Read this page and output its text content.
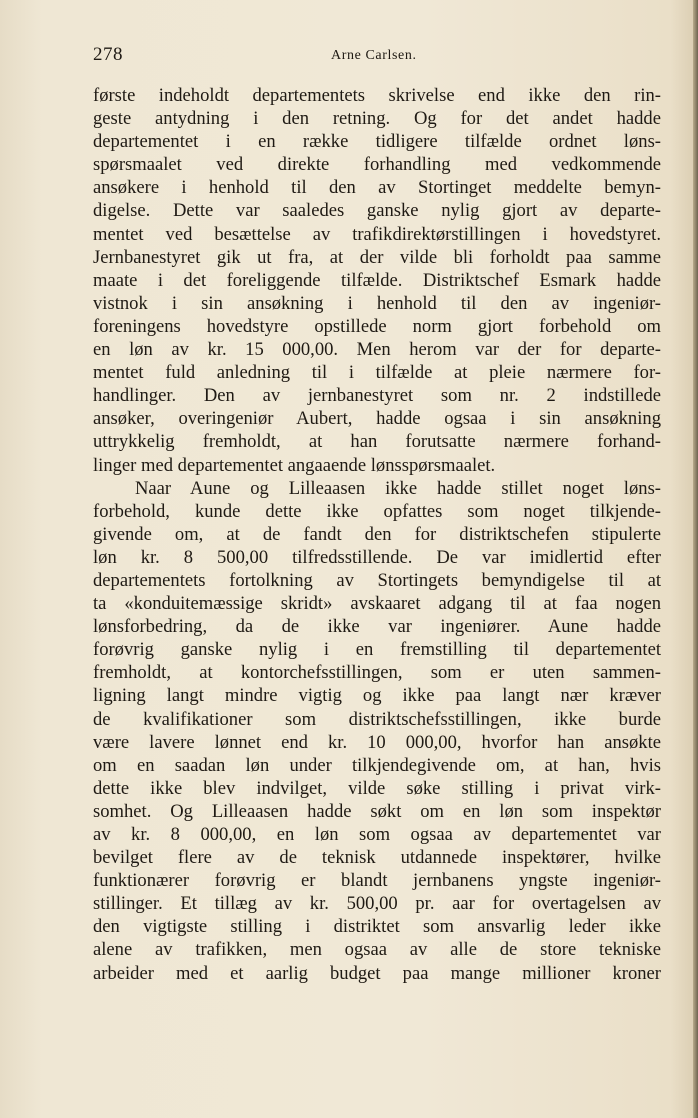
278	Arne Carlsen.
første indeholdt departementets skrivelse end ikke den rin-
geste antydning i den retning. Og for det andet hadde
departementet i en række tidligere tilfælde ordnet løns-
spørsmaalet ved direkte forhandling med vedkommende
ansøkere i henhold til den av Stortinget meddelte bemyn-
digelse. Dette var saaledes ganske nylig gjort av departe-
mentet ved besættelse av trafikdirektørstillingen i hovedstyret.
Jernbanestyret gik ut fra, at der vilde bli forholdt paa samme
maate i det foreliggende tilfælde. Distriktschef Esmark hadde
vistnok i sin ansøkning i henhold til den av ingeniør-
foreningens hovedstyre opstillede norm gjort forbehold om
en løn av kr. 15 000,00. Men herom var der for departe-
mentet fuld anledning til i tilfælde at pleie nærmere for-
handlinger. Den av jernbanestyret som nr. 2 indstillede
ansøker, overingeniør Aubert, hadde ogsaa i sin ansøkning
uttrykkelig fremholdt, at han forutsatte nærmere forhand-
linger med departementet angaaende lønsspørsmaalet.
Naar Aune og Lilleaasen ikke hadde stillet noget løns-
forbehold, kunde dette ikke opfattes som noget tilkjende-
givende om, at de fandt den for distriktschefen stipulerte
løn kr. 8 500,00 tilfredsstillende. De var imidlertid efter
departementets fortolkning av Stortingets bemyndigelse til at
ta «konduitemæssige skridt» avskaaret adgang til at faa nogen
lønsforbedring, da de ikke var ingeniører. Aune hadde
forøvrig ganske nylig i en fremstilling til departementet
fremholdt, at kontorchefsstillingen, som er uten sammen-
ligning langt mindre vigtig og ikke paa langt nær kræver
de kvalifikationer som distriktschefsstillingen, ikke burde
være lavere lønnet end kr. 10 000,00, hvorfor han ansøkte
om en saadan løn under tilkjendegivende om, at han, hvis
dette ikke blev indvilget, vilde søke stilling i privat virk-
somhet. Og Lilleaasen hadde søkt om en løn som inspektør
av kr. 8 000,00, en løn som ogsaa av departementet var
bevilget flere av de teknisk utdannede inspektører, hvilke
funktionærer forøvrig er blandt jernbanens yngste ingeniør-
stillinger. Et tillæg av kr. 500,00 pr. aar for overtagelsen av
den vigtigste stilling i distriktet som ansvarlig leder ikke
alene av trafikken, men ogsaa av alle de store tekniske
arbeider med et aarlig budget paa mange millioner kroner
